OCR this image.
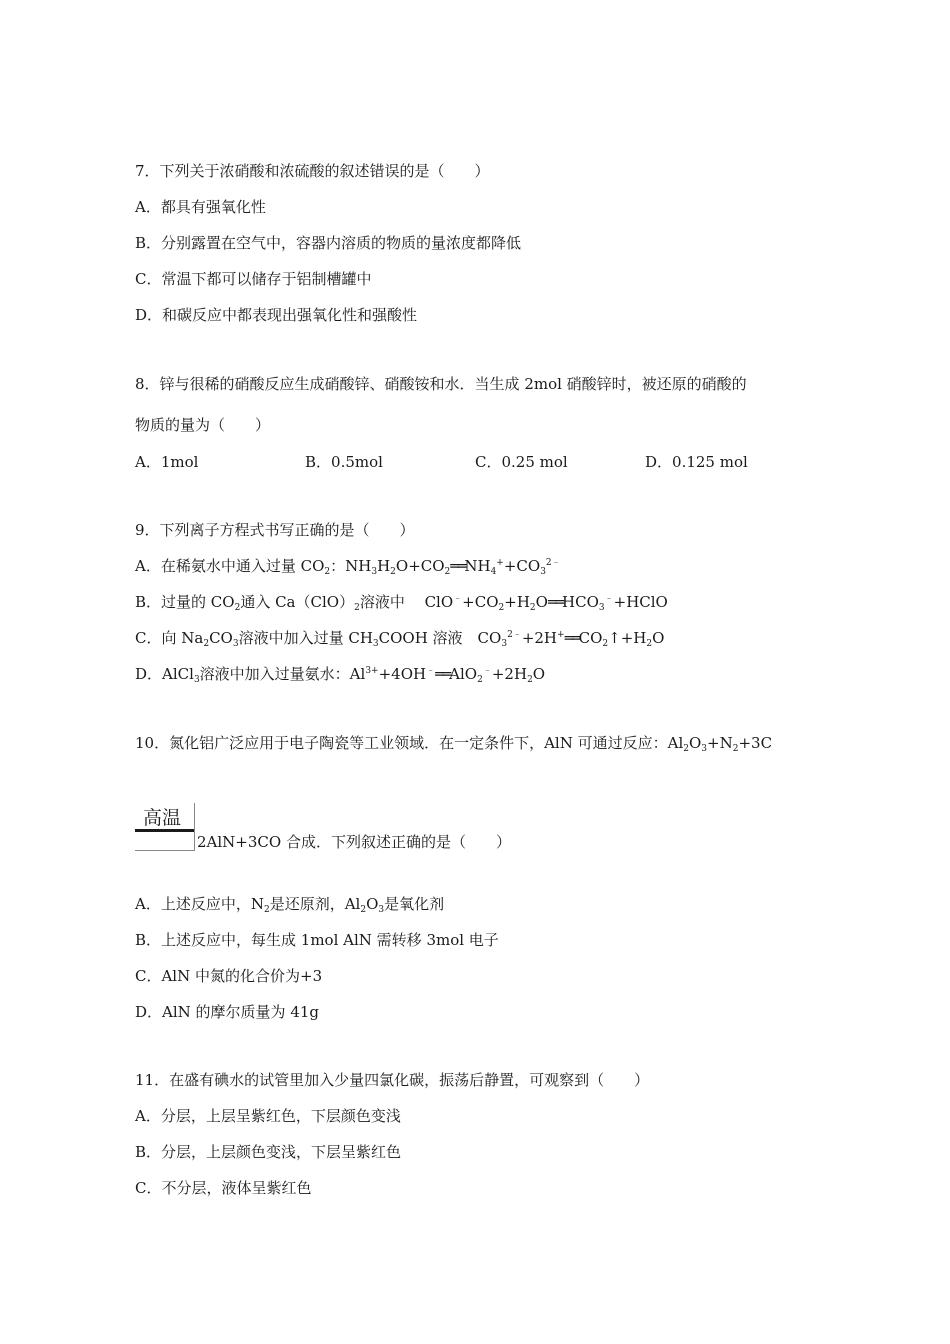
7．下列关于浓硝酸和浓硫酸的叙述错误的是（　　）
A．都具有强氧化性
B．分别露置在空气中，容器内溶质的物质的量浓度都降低
C．常温下都可以储存于铝制槽罐中
D．和碳反应中都表现出强氧化性和强酸性
8．锌与很稀的硝酸反应生成硝酸锌、硝酸铵和水．当生成 2mol 硝酸锌时，被还原的硝酸的
物质的量为（　　）
A．1mol	B．0.5mol	C．0.25 mol	D．0.125 mol
9．下列离子方程式书写正确的是（　　）
A．在稀氨水中通入过量 $CO_2$：$NH_3H_2O+CO_2══NH_4^++CO_3^{2﹣}$
B．过量的 $CO_2$通入 $Ca(ClO)_2$溶液中　 $ClO^﹣+CO_2+H_2O══HCO_3^﹣+HClO$
C．向 $Na_2CO_3$溶液中加入过量 $CH_3COOH$ 溶液　$CO_3^{2﹣}+2H^+══CO_2↑+H_2O$
D．AlCl$_3$溶液中加入过量氨水：$Al^{3+}+4OH^﹣══AlO_2^﹣+2H_2O$
10．氮化铝广泛应用于电子陶瓷等工业领域．在一定条件下，AlN 可通过反应：$Al_2O_3+N_2+3C$
高温
2AlN+3CO 合成．下列叙述正确的是（　　）
A．上述反应中，$N_2$是还原剂，$Al_2O_3$是氧化剂
B．上述反应中，每生成 1mol AlN 需转移 3mol 电子
C．AlN 中氮的化合价为+3
D．AlN 的摩尔质量为 41g
11．在盛有碘水的试管里加入少量四氯化碳，振荡后静置，可观察到（　　）
A．分层，上层呈紫红色，下层颜色变浅
B．分层，上层颜色变浅，下层呈紫红色
C．不分层，液体呈紫红色
